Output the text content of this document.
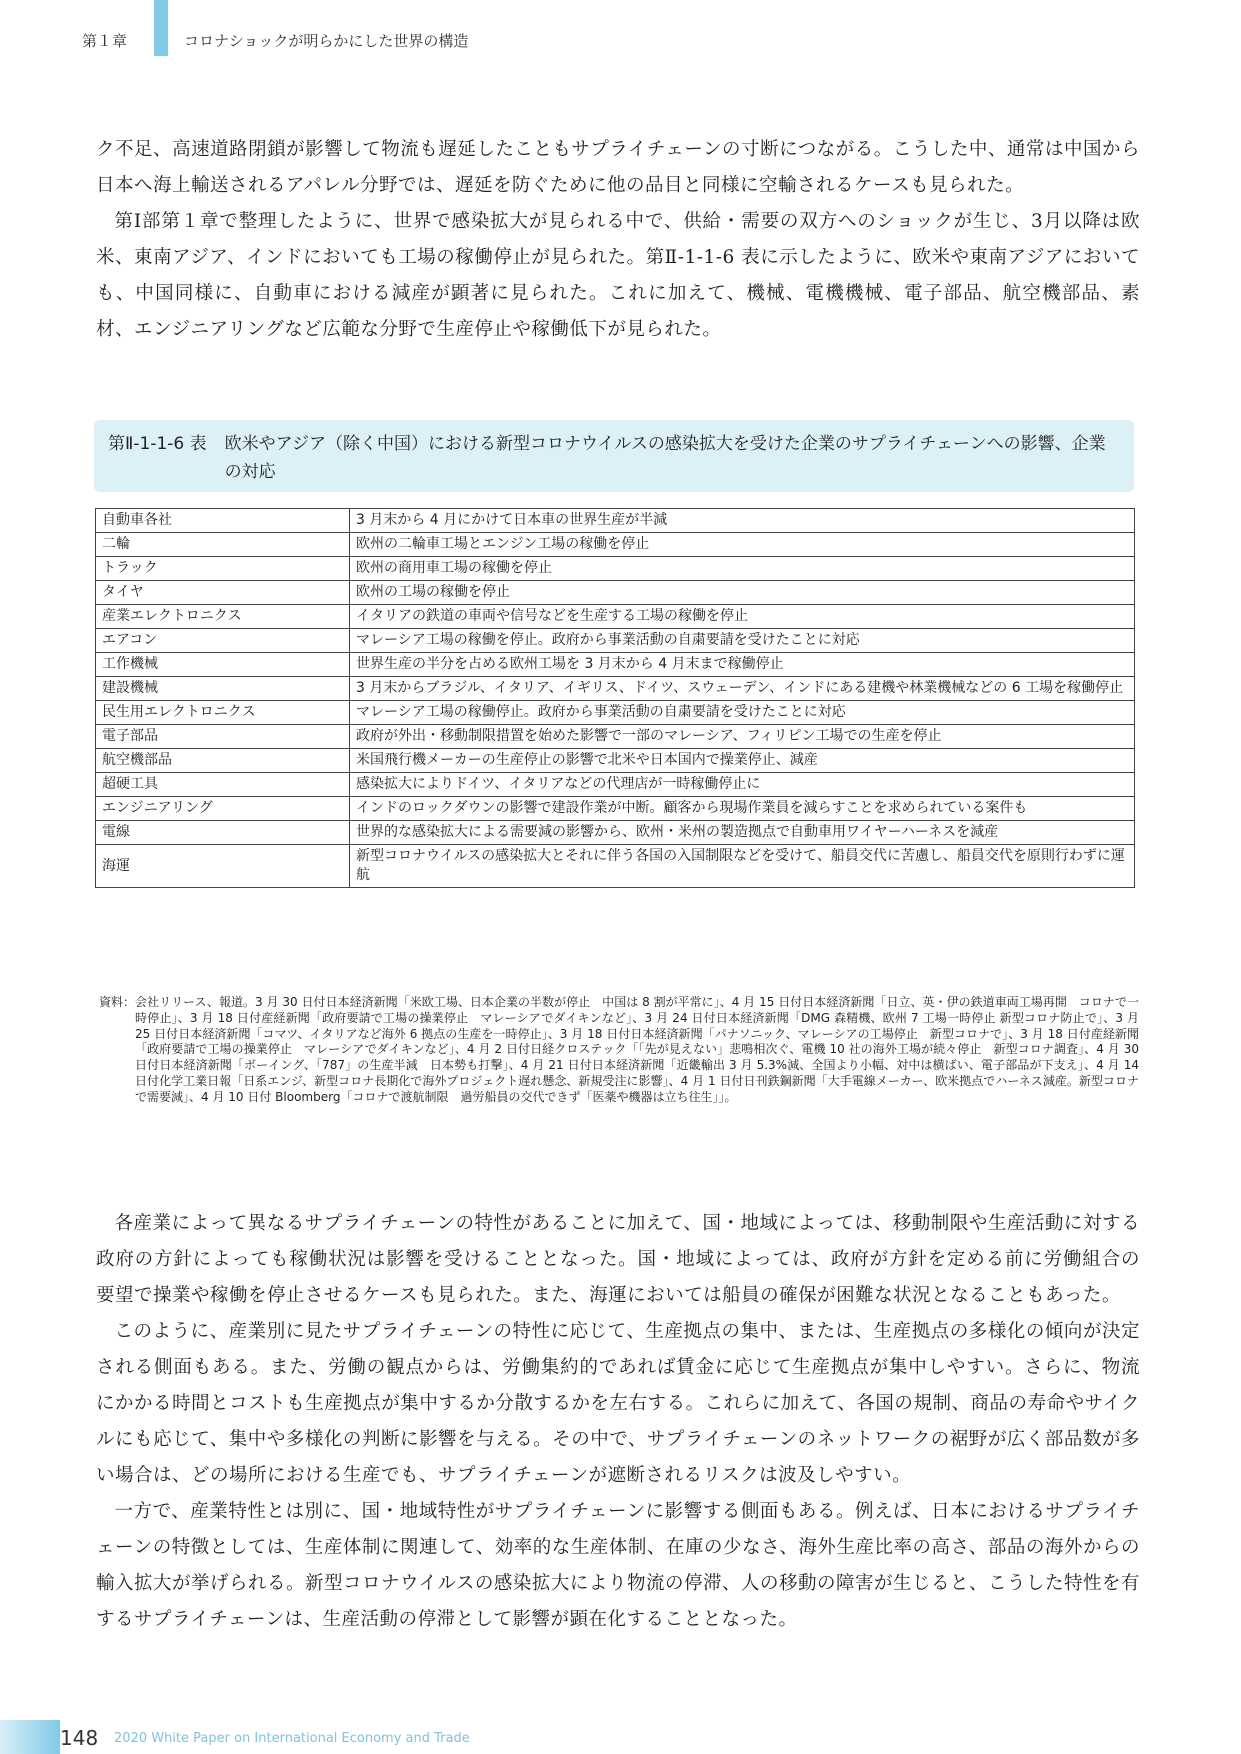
第１章	コロナショックが明らかにした世界の構造

ク不足、高速道路閉鎖が影響して物流も遅延したこともサプライチェーンの寸断につながる。こうした中、通常は中国から日本へ海上輸送されるアパレル分野では、遅延を防ぐために他の品目と同様に空輸されるケースも見られた。

第Ⅰ部第１章で整理したように、世界で感染拡大が見られる中で、供給・需要の双方へのショックが生じ、3月以降は欧米、東南アジア、インドにおいても工場の稼働停止が見られた。第Ⅱ-1-1-6 表に示したように、欧米や東南アジアにおいても、中国同様に、自動車における減産が顕著に見られた。これに加えて、機械、電機機械、電子部品、航空機部品、素材、エンジニアリングなど広範な分野で生産停止や稼働低下が見られた。

第Ⅱ-1-1-6 表 欧米やアジア（除く中国）における新型コロナウイルスの感染拡大を受けた企業のサプライチェーンへの影響、企業の対応
自動車各社	3 月末から 4 月にかけて日本車の世界生産が半減
二輪	欧州の二輪車工場とエンジン工場の稼働を停止
トラック	欧州の商用車工場の稼働を停止
タイヤ	欧州の工場の稼働を停止
産業エレクトロニクス	イタリアの鉄道の車両や信号などを生産する工場の稼働を停止
エアコン	マレーシア工場の稼働を停止。政府から事業活動の自粛要請を受けたことに対応
工作機械	世界生産の半分を占める欧州工場を 3 月末から 4 月末まで稼働停止
建設機械	3 月末からブラジル、イタリア、イギリス、ドイツ、スウェーデン、インドにある建機や林業機械などの 6 工場を稼働停止
民生用エレクトロニクス	マレーシア工場の稼働停止。政府から事業活動の自粛要請を受けたことに対応
電子部品	政府が外出・移動制限措置を始めた影響で一部のマレーシア、フィリピン工場での生産を停止
航空機部品	米国飛行機メーカーの生産停止の影響で北米や日本国内で操業停止、減産
超硬工具	感染拡大によりドイツ、イタリアなどの代理店が一時稼働停止に
エンジニアリング	インドのロックダウンの影響で建設作業が中断。顧客から現場作業員を減らすことを求められている案件も
電線	世界的な感染拡大による需要減の影響から、欧州・米州の製造拠点で自動車用ワイヤーハーネスを減産
海運	新型コロナウイルスの感染拡大とそれに伴う各国の入国制限などを受けて、船員交代に苦慮し、船員交代を原則行わずに運航
資料： 会社リリース、報道。3 月 30 日付日本経済新聞「米欧工場、日本企業の半数が停止　中国は 8 割が平常に」、4 月 15 日付日本経済新聞「日立、英・伊の鉄道車両工場再開　コロナで一時停止」、3 月 18 日付産経新聞「政府要請で工場の操業停止　マレーシアでダイキンなど」、3 月 24 日付日本経済新聞「DMG 森精機、欧州 7 工場一時停止 新型コロナ防止で」、3 月 25 日付日本経済新聞「コマツ、イタリアなど海外 6 拠点の生産を一時停止」、3 月 18 日付日本経済新聞「パナソニック、マレーシアの工場停止　新型コロナで」、3 月 18 日付産経新聞「政府要請で工場の操業停止　マレーシアでダイキンなど」、4 月 2 日付日経クロステック「「先が見えない」悲鳴相次ぐ、電機 10 社の海外工場が続々停止　新型コロナ調査」、4 月 30 日付日本経済新聞「ボーイング、「787」の生産半減　日本勢も打撃」、4 月 21 日付日本経済新聞「近畿輸出 3 月 5.3%減、全国より小幅、対中は横ばい、電子部品が下支え」、4 月 14 日付化学工業日報「日系エンジ、新型コロナ長期化で海外プロジェクト遅れ懸念、新規受注に影響」、4 月 1 日付日刊鉄鋼新聞「大手電線メーカー、欧米拠点でハーネス減産。新型コロナで需要減」、4 月 10 日付 Bloomberg「コロナで渡航制限　過労船員の交代できず「医薬や機器は立ち往生」」。

各産業によって異なるサプライチェーンの特性があることに加えて、国・地域によっては、移動制限や生産活動に対する政府の方針によっても稼働状況は影響を受けることとなった。国・地域によっては、政府が方針を定める前に労働組合の要望で操業や稼働を停止させるケースも見られた。また、海運においては船員の確保が困難な状況となることもあった。

このように、産業別に見たサプライチェーンの特性に応じて、生産拠点の集中、または、生産拠点の多様化の傾向が決定される側面もある。また、労働の観点からは、労働集約的であれば賃金に応じて生産拠点が集中しやすい。さらに、物流にかかる時間とコストも生産拠点が集中するか分散するかを左右する。これらに加えて、各国の規制、商品の寿命やサイクルにも応じて、集中や多様化の判断に影響を与える。その中で、サプライチェーンのネットワークの裾野が広く部品数が多い場合は、どの場所における生産でも、サプライチェーンが遮断されるリスクは波及しやすい。

一方で、産業特性とは別に、国・地域特性がサプライチェーンに影響する側面もある。例えば、日本におけるサプライチェーンの特徴としては、生産体制に関連して、効率的な生産体制、在庫の少なさ、海外生産比率の高さ、部品の海外からの輸入拡大が挙げられる。新型コロナウイルスの感染拡大により物流の停滞、人の移動の障害が生じると、こうした特性を有するサプライチェーンは、生産活動の停滞として影響が顕在化することとなった。

148 2020 White Paper on International Economy and Trade
